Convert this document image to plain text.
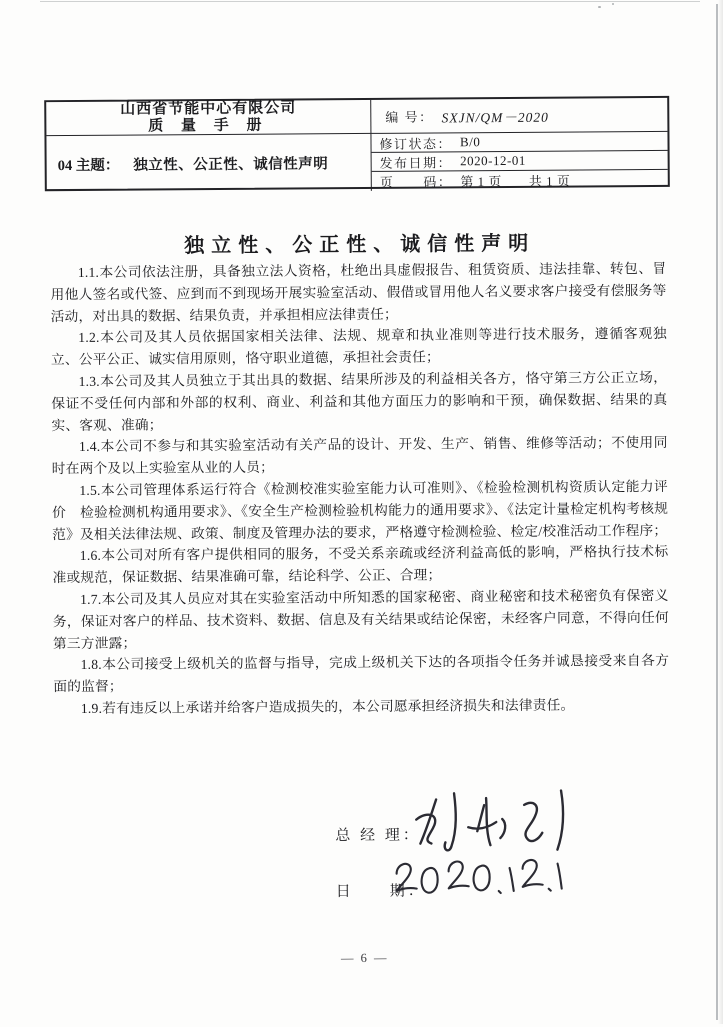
山西省节能中心有限公司
质 量 手 册
04 主题： 独立性、公正性、诚信性声明
编 号： SXJN/QM－2020
修订状态： B/0
发布日期： 2020-12-01
页　　码： 第 1 页　　共 1 页
独立性、公正性、诚信性声明

1.1.本公司依法注册，具备独立法人资格，杜绝出具虚假报告、租赁资质、违法挂靠、转包、冒用他人签名或代签、应到而不到现场开展实验室活动、假借或冒用他人名义要求客户接受有偿服务等活动，对出具的数据、结果负责，并承担相应法律责任；

1.2.本公司及其人员依据国家相关法律、法规、规章和执业准则等进行技术服务，遵循客观独立、公平公正、诚实信用原则，恪守职业道德，承担社会责任；

1.3.本公司及其人员独立于其出具的数据、结果所涉及的利益相关各方，恪守第三方公正立场，保证不受任何内部和外部的权利、商业、利益和其他方面压力的影响和干预，确保数据、结果的真实、客观、准确；

1.4.本公司不参与和其实验室活动有关产品的设计、开发、生产、销售、维修等活动；不使用同时在两个及以上实验室从业的人员；

1.5.本公司管理体系运行符合《检测校准实验室能力认可准则》、《检验检测机构资质认定能力评价　检验检测机构通用要求》、《安全生产检测检验机构能力的通用要求》、《法定计量检定机构考核规范》及相关法律法规、政策、制度及管理办法的要求，严格遵守检测检验、检定/校准活动工作程序；

1.6.本公司对所有客户提供相同的服务，不受关系亲疏或经济利益高低的影响，严格执行技术标准或规范，保证数据、结果准确可靠，结论科学、公正、合理；

1.7.本公司及其人员应对其在实验室活动中所知悉的国家秘密、商业秘密和技术秘密负有保密义务，保证对客户的样品、技术资料、数据、信息及有关结果或结论保密，未经客户同意，不得向任何第三方泄露；

1.8.本公司接受上级机关的监督与指导，完成上级机关下达的各项指令任务并诚恳接受来自各方面的监督；

1.9.若有违反以上承诺并给客户造成损失的，本公司愿承担经济损失和法律责任。

总 经 理：
日　　期：
— 6 —
